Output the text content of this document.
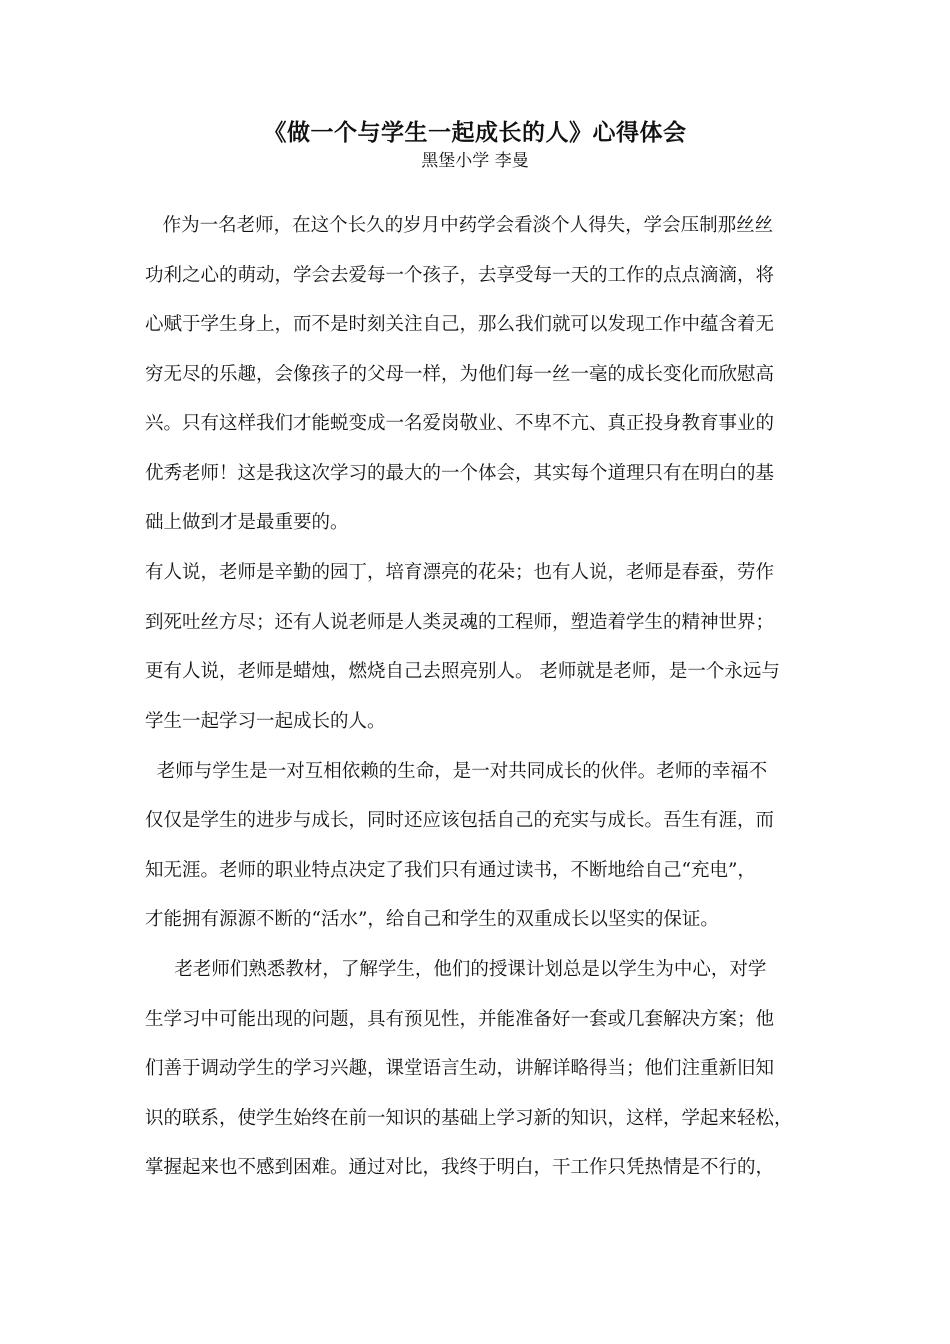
《做一个与学生一起成长的人》心得体会
黑堡小学 李曼
作为一名老师，在这个长久的岁月中药学会看淡个人得失，学会压制那丝丝
功利之心的萌动，学会去爱每一个孩子，去享受每一天的工作的点点滴滴，将
心赋于学生身上，而不是时刻关注自己，那么我们就可以发现工作中蕴含着无
穷无尽的乐趣，会像孩子的父母一样，为他们每一丝一毫的成长变化而欣慰高
兴。只有这样我们才能蜕变成一名爱岗敬业、不卑不亢、真正投身教育事业的
优秀老师！这是我这次学习的最大的一个体会，其实每个道理只有在明白的基
础上做到才是最重要的。
有人说，老师是辛勤的园丁，培育漂亮的花朵；也有人说，老师是春蚕，劳作
到死吐丝方尽；还有人说老师是人类灵魂的工程师，塑造着学生的精神世界；
更有人说，老师是蜡烛，燃烧自己去照亮别人。 老师就是老师，是一个永远与
学生一起学习一起成长的人。
老师与学生是一对互相依赖的生命，是一对共同成长的伙伴。老师的幸福不
仅仅是学生的进步与成长，同时还应该包括自己的充实与成长。吾生有涯，而
知无涯。老师的职业特点决定了我们只有通过读书，不断地给自己“充电”，
才能拥有源源不断的“活水”，给自己和学生的双重成长以坚实的保证。
老老师们熟悉教材，了解学生，他们的授课计划总是以学生为中心，对学
生学习中可能出现的问题，具有预见性，并能准备好一套或几套解决方案；他
们善于调动学生的学习兴趣，课堂语言生动，讲解详略得当；他们注重新旧知
识的联系，使学生始终在前一知识的基础上学习新的知识，这样，学起来轻松，
掌握起来也不感到困难。通过对比，我终于明白，干工作只凭热情是不行的，
